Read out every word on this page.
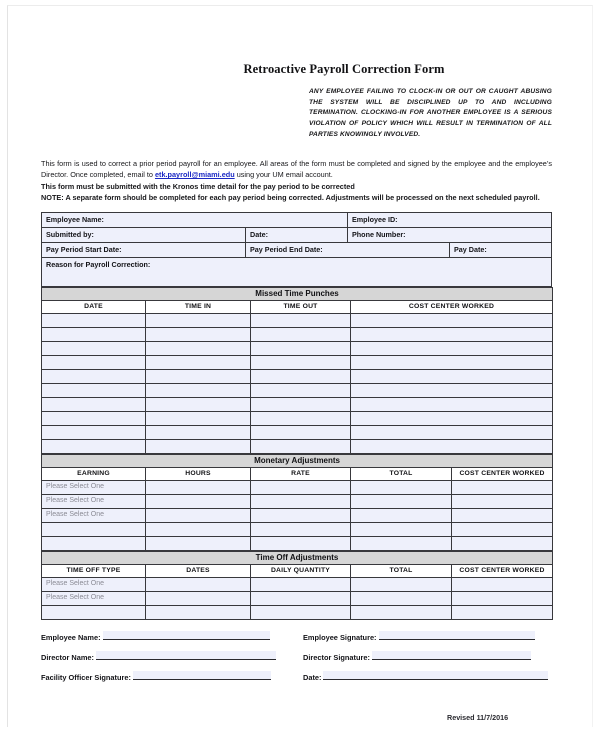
Retroactive Payroll Correction Form
ANY EMPLOYEE FAILING TO CLOCK-IN OR OUT OR CAUGHT ABUSING THE SYSTEM WILL BE DISCIPLINED UP TO AND INCLUDING TERMINATION. CLOCKING-IN FOR ANOTHER EMPLOYEE IS A SERIOUS VIOLATION OF POLICY WHICH WILL RESULT IN TERMINATION OF ALL PARTIES KNOWINGLY INVOLVED.
This form is used to correct a prior period payroll for an employee. All areas of the form must be completed and signed by the employee and the employee’s Director. Once completed, email to etk.payroll@miami.edu using your UM email account.
This form must be submitted with the Kronos time detail for the pay period to be corrected
NOTE: A separate form should be completed for each pay period being corrected. Adjustments will be processed on the next scheduled payroll.
Employee Name:		Employee ID:	

Submitted by:	Date:	Phone Number:	

Pay Period Start Date:	Pay Period End Date:		Pay Date:

Reason for Payroll Correction:			
Missed Time Punches			

DATE	TIME IN	TIME OUT	COST CENTER WORKED

Monetary Adjustments				

EARNING	HOURS	RATE	TOTAL	COST CENTER WORKED

Please Select One				

Please Select One				

Please Select One				

Time Off Adjustments				

TIME OFF TYPE	DATES	DAILY QUANTITY	TOTAL	COST CENTER WORKED

Please Select One				

Please Select One				

Employee Name:	Employee Signature:
Director Name:	Director Signature:
Facility Officer Signature:	Date:
Revised 11/7/2016
